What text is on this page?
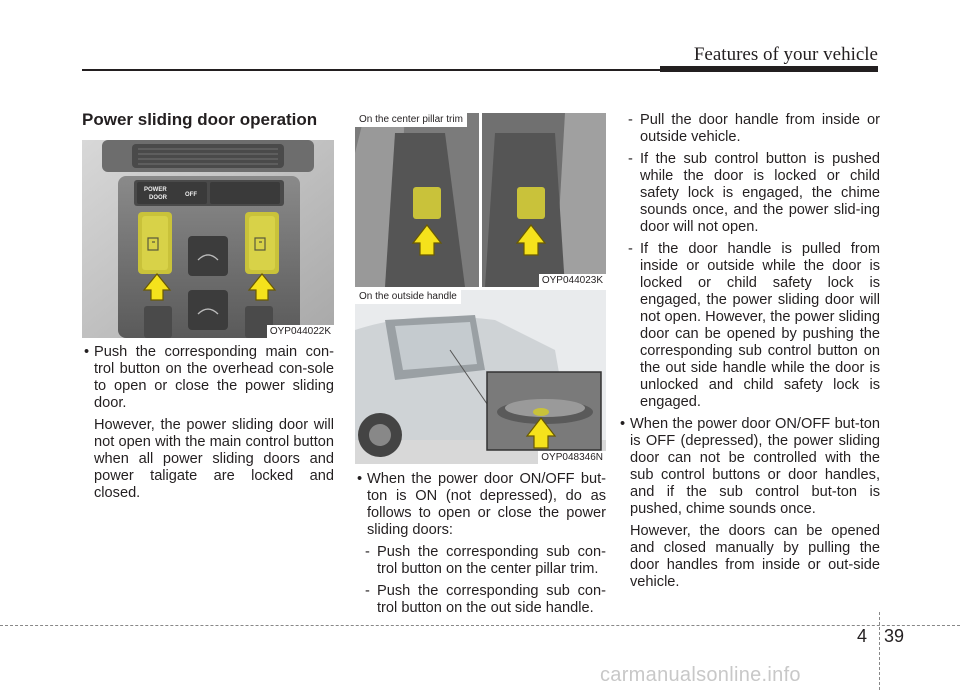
Features of your vehicle
Power sliding door operation
POWER
DOOR	OFF
OYP044022K
On the center pillar trim
OYP044023K
On the outside handle
OYP048346N
• Push the corresponding main con-trol button on the overhead con-sole to open or close the power sliding door.

However, the power sliding door will not open with the main control button when all power sliding doors and power taligate are locked and closed.

• When the power door ON/OFF but-ton is ON (not depressed), do as follows to open or close the power sliding doors:

- Push the corresponding sub con-trol button on the center pillar trim.

- Push the corresponding sub con-trol button on the out side handle.

- Pull the door handle from inside or outside vehicle.

- If the sub control button is pushed while the door is locked or child safety lock is engaged, the chime sounds once, and the power slid-ing door will not open.

- If the door handle is pulled from inside or outside while the door is locked or child safety lock is engaged, the power sliding door will not open. However, the power sliding door can be opened by pushing the corresponding sub control button on the out side handle while the door is unlocked and child safety lock is engaged.

• When the power door ON/OFF but-ton is OFF (depressed), the power sliding door can not be controlled with the sub control buttons or door handles, and if the sub control but-ton is pushed, chime sounds once.

However, the doors can be opened and closed manually by pulling the door handles from inside or out-side vehicle.

4 39
carmanualsonline.info
